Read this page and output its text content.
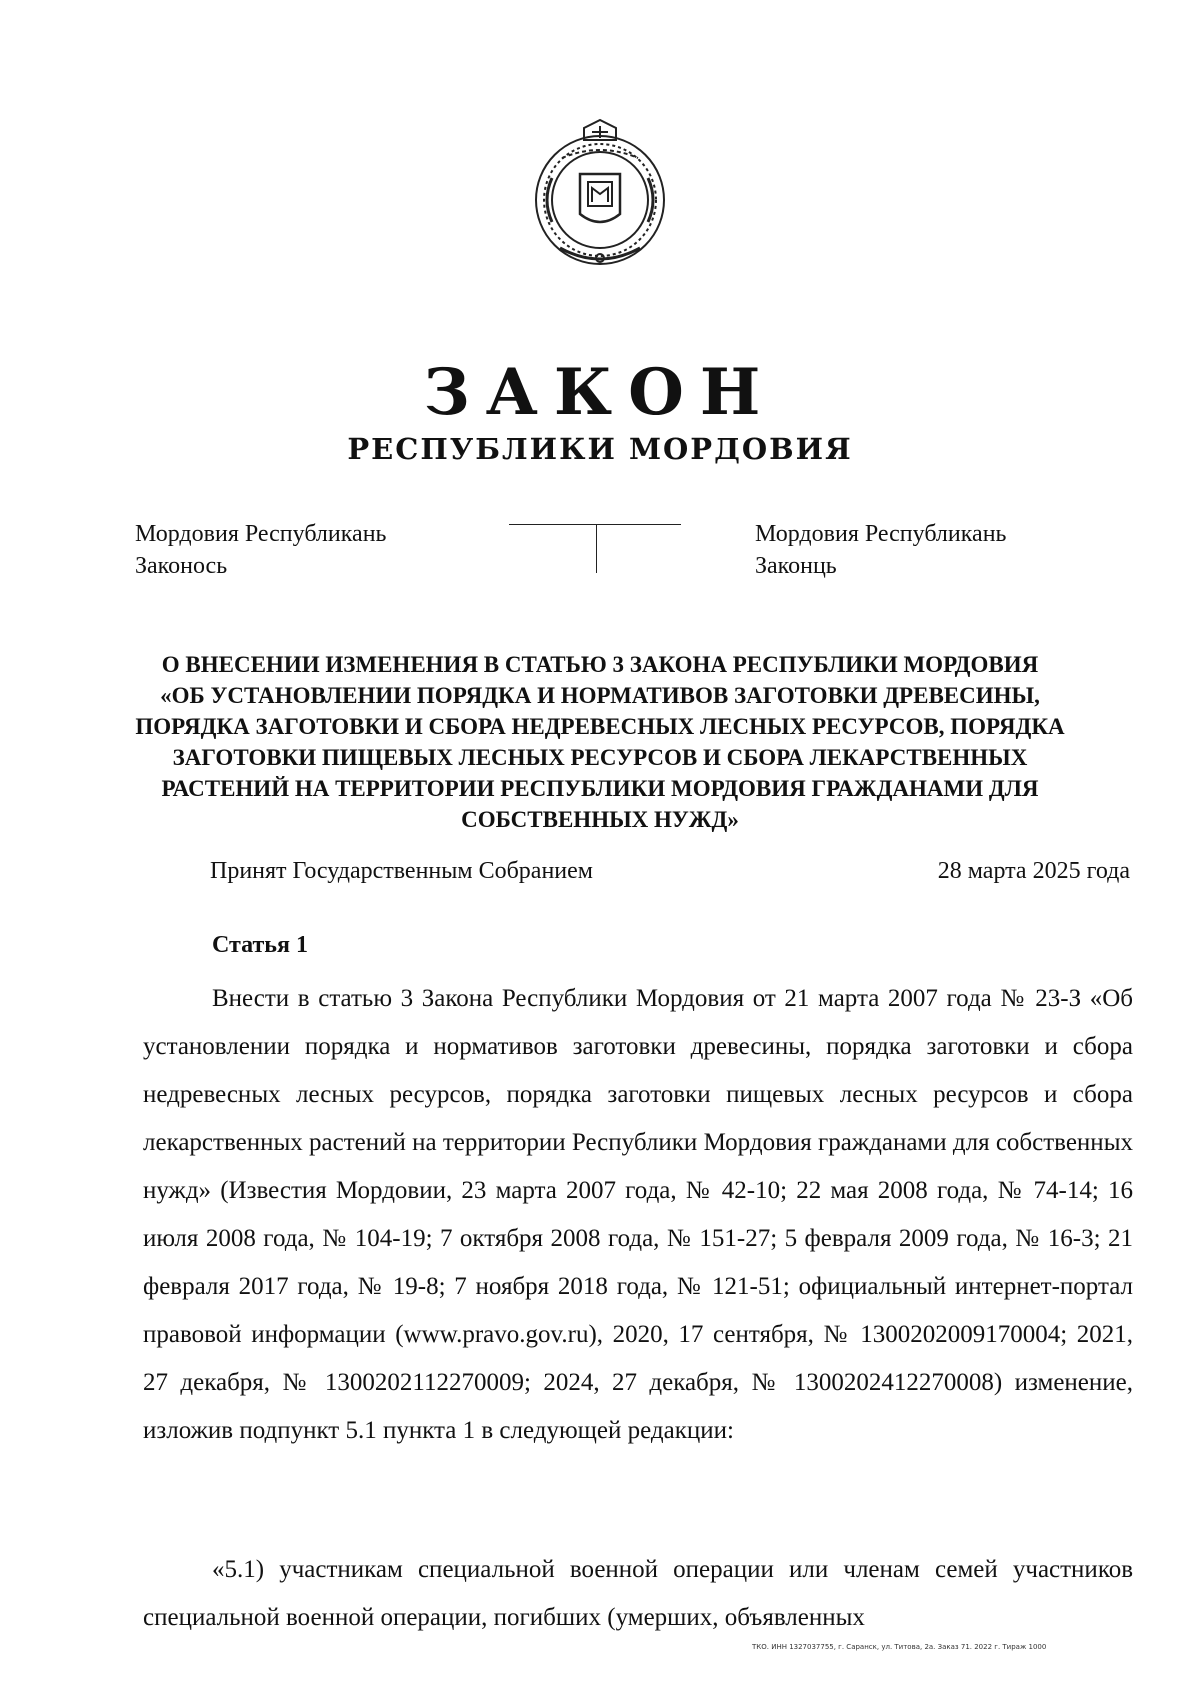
ЗАКОН
РЕСПУБЛИКИ МОРДОВИЯ
Мордовия Республикань
Законось
Мордовия Республикань
Законць
О ВНЕСЕНИИ ИЗМЕНЕНИЯ В СТАТЬЮ 3 ЗАКОНА РЕСПУБЛИКИ МОРДОВИЯ
«ОБ УСТАНОВЛЕНИИ ПОРЯДКА И НОРМАТИВОВ ЗАГОТОВКИ ДРЕВЕСИНЫ,
ПОРЯДКА ЗАГОТОВКИ И СБОРА НЕДРЕВЕСНЫХ ЛЕСНЫХ РЕСУРСОВ, ПОРЯДКА
ЗАГОТОВКИ ПИЩЕВЫХ ЛЕСНЫХ РЕСУРСОВ И СБОРА ЛЕКАРСТВЕННЫХ
РАСТЕНИЙ НА ТЕРРИТОРИИ РЕСПУБЛИКИ МОРДОВИЯ ГРАЖДАНАМИ ДЛЯ
СОБСТВЕННЫХ НУЖД»
Принят Государственным Собранием	28 марта 2025 года
Статья 1
Внести в статью 3 Закона Республики Мордовия от 21 марта 2007 года № 23-З «Об установлении порядка и нормативов заготовки древесины, порядка заготовки и сбора недревесных лесных ресурсов, порядка заготовки пищевых лесных ресурсов и сбора лекарственных растений на территории Республики Мордовия гражданами для собственных нужд» (Известия Мордовии, 23 марта 2007 года, № 42-10; 22 мая 2008 года, № 74-14; 16 июля 2008 года, № 104-19; 7 октября 2008 года, № 151-27; 5 февраля 2009 года, № 16-3; 21 февраля 2017 года, № 19-8; 7 ноября 2018 года, № 121-51; официальный интернет-портал правовой информации (www.pravo.gov.ru), 2020, 17 сентября, № 1300202009170004; 2021, 27 декабря, № 1300202112270009; 2024, 27 декабря, № 1300202412270008) изменение, изложив подпункт 5.1 пункта 1 в следующей редакции:
«5.1) участникам специальной военной операции или членам семей участников специальной военной операции, погибших (умерших, объявленных
ТКО. ИНН 1327037755, г. Саранск, ул. Титова, 2а. Заказ 71. 2022 г. Тираж 1000
